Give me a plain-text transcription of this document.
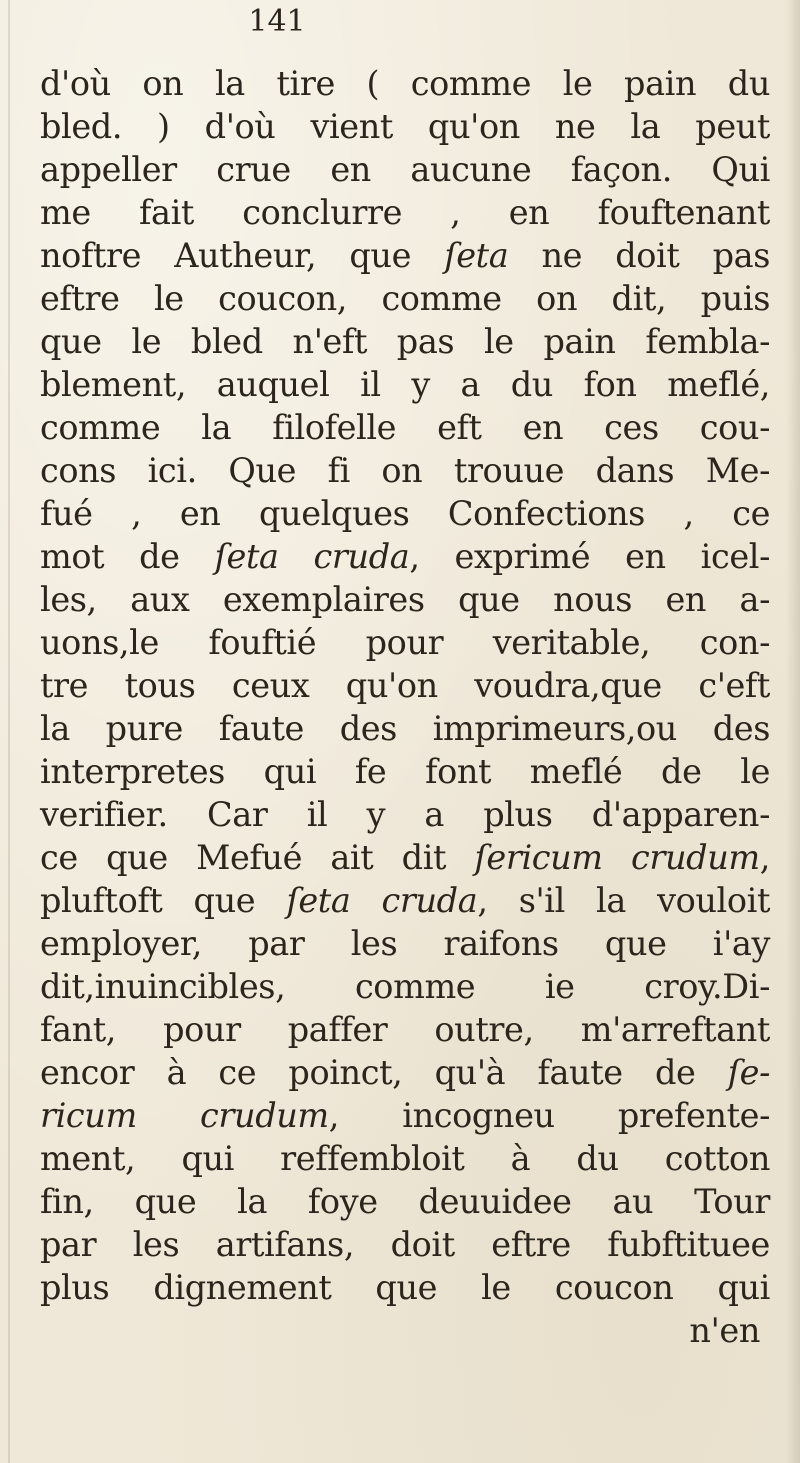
141
d'où on la tire ( comme le pain du
bled. ) d'où vient qu'on ne la peut
appeller crue en aucune façon. Qui
me fait conclurre , en fouftenant
noftre Autheur, que ſeta ne doit pas
eftre le coucon, comme on dit, puis
que le bled n'eft pas le pain fembla-
blement, auquel il y a du fon meflé,
comme la filofelle eft en ces cou-
cons ici. Que fi on trouue dans Me-
fué , en quelques Confections , ce
mot de ſeta cruda, exprimé en icel-
les, aux exemplaires que nous en a-
uons,le fouftié pour veritable, con-
tre tous ceux qu'on voudra,que c'eft
la pure faute des imprimeurs,ou des
interpretes qui fe font meflé de le
verifier. Car il y a plus d'apparen-
ce que Mefué ait dit ſericum crudum,
pluftoft que ſeta cruda, s'il la vouloit
employer, par les raifons que i'ay
dit,inuincibles, comme ie croy.Di-
fant, pour paffer outre, m'arreftant
encor à ce poinct, qu'à faute de ſe-
ricum crudum, incogneu prefente-
ment, qui reffembloit à du cotton
fin, que la foye deuuidee au Tour
par les artifans, doit eftre fubftituee
plus dignement que le coucon qui
n'en
